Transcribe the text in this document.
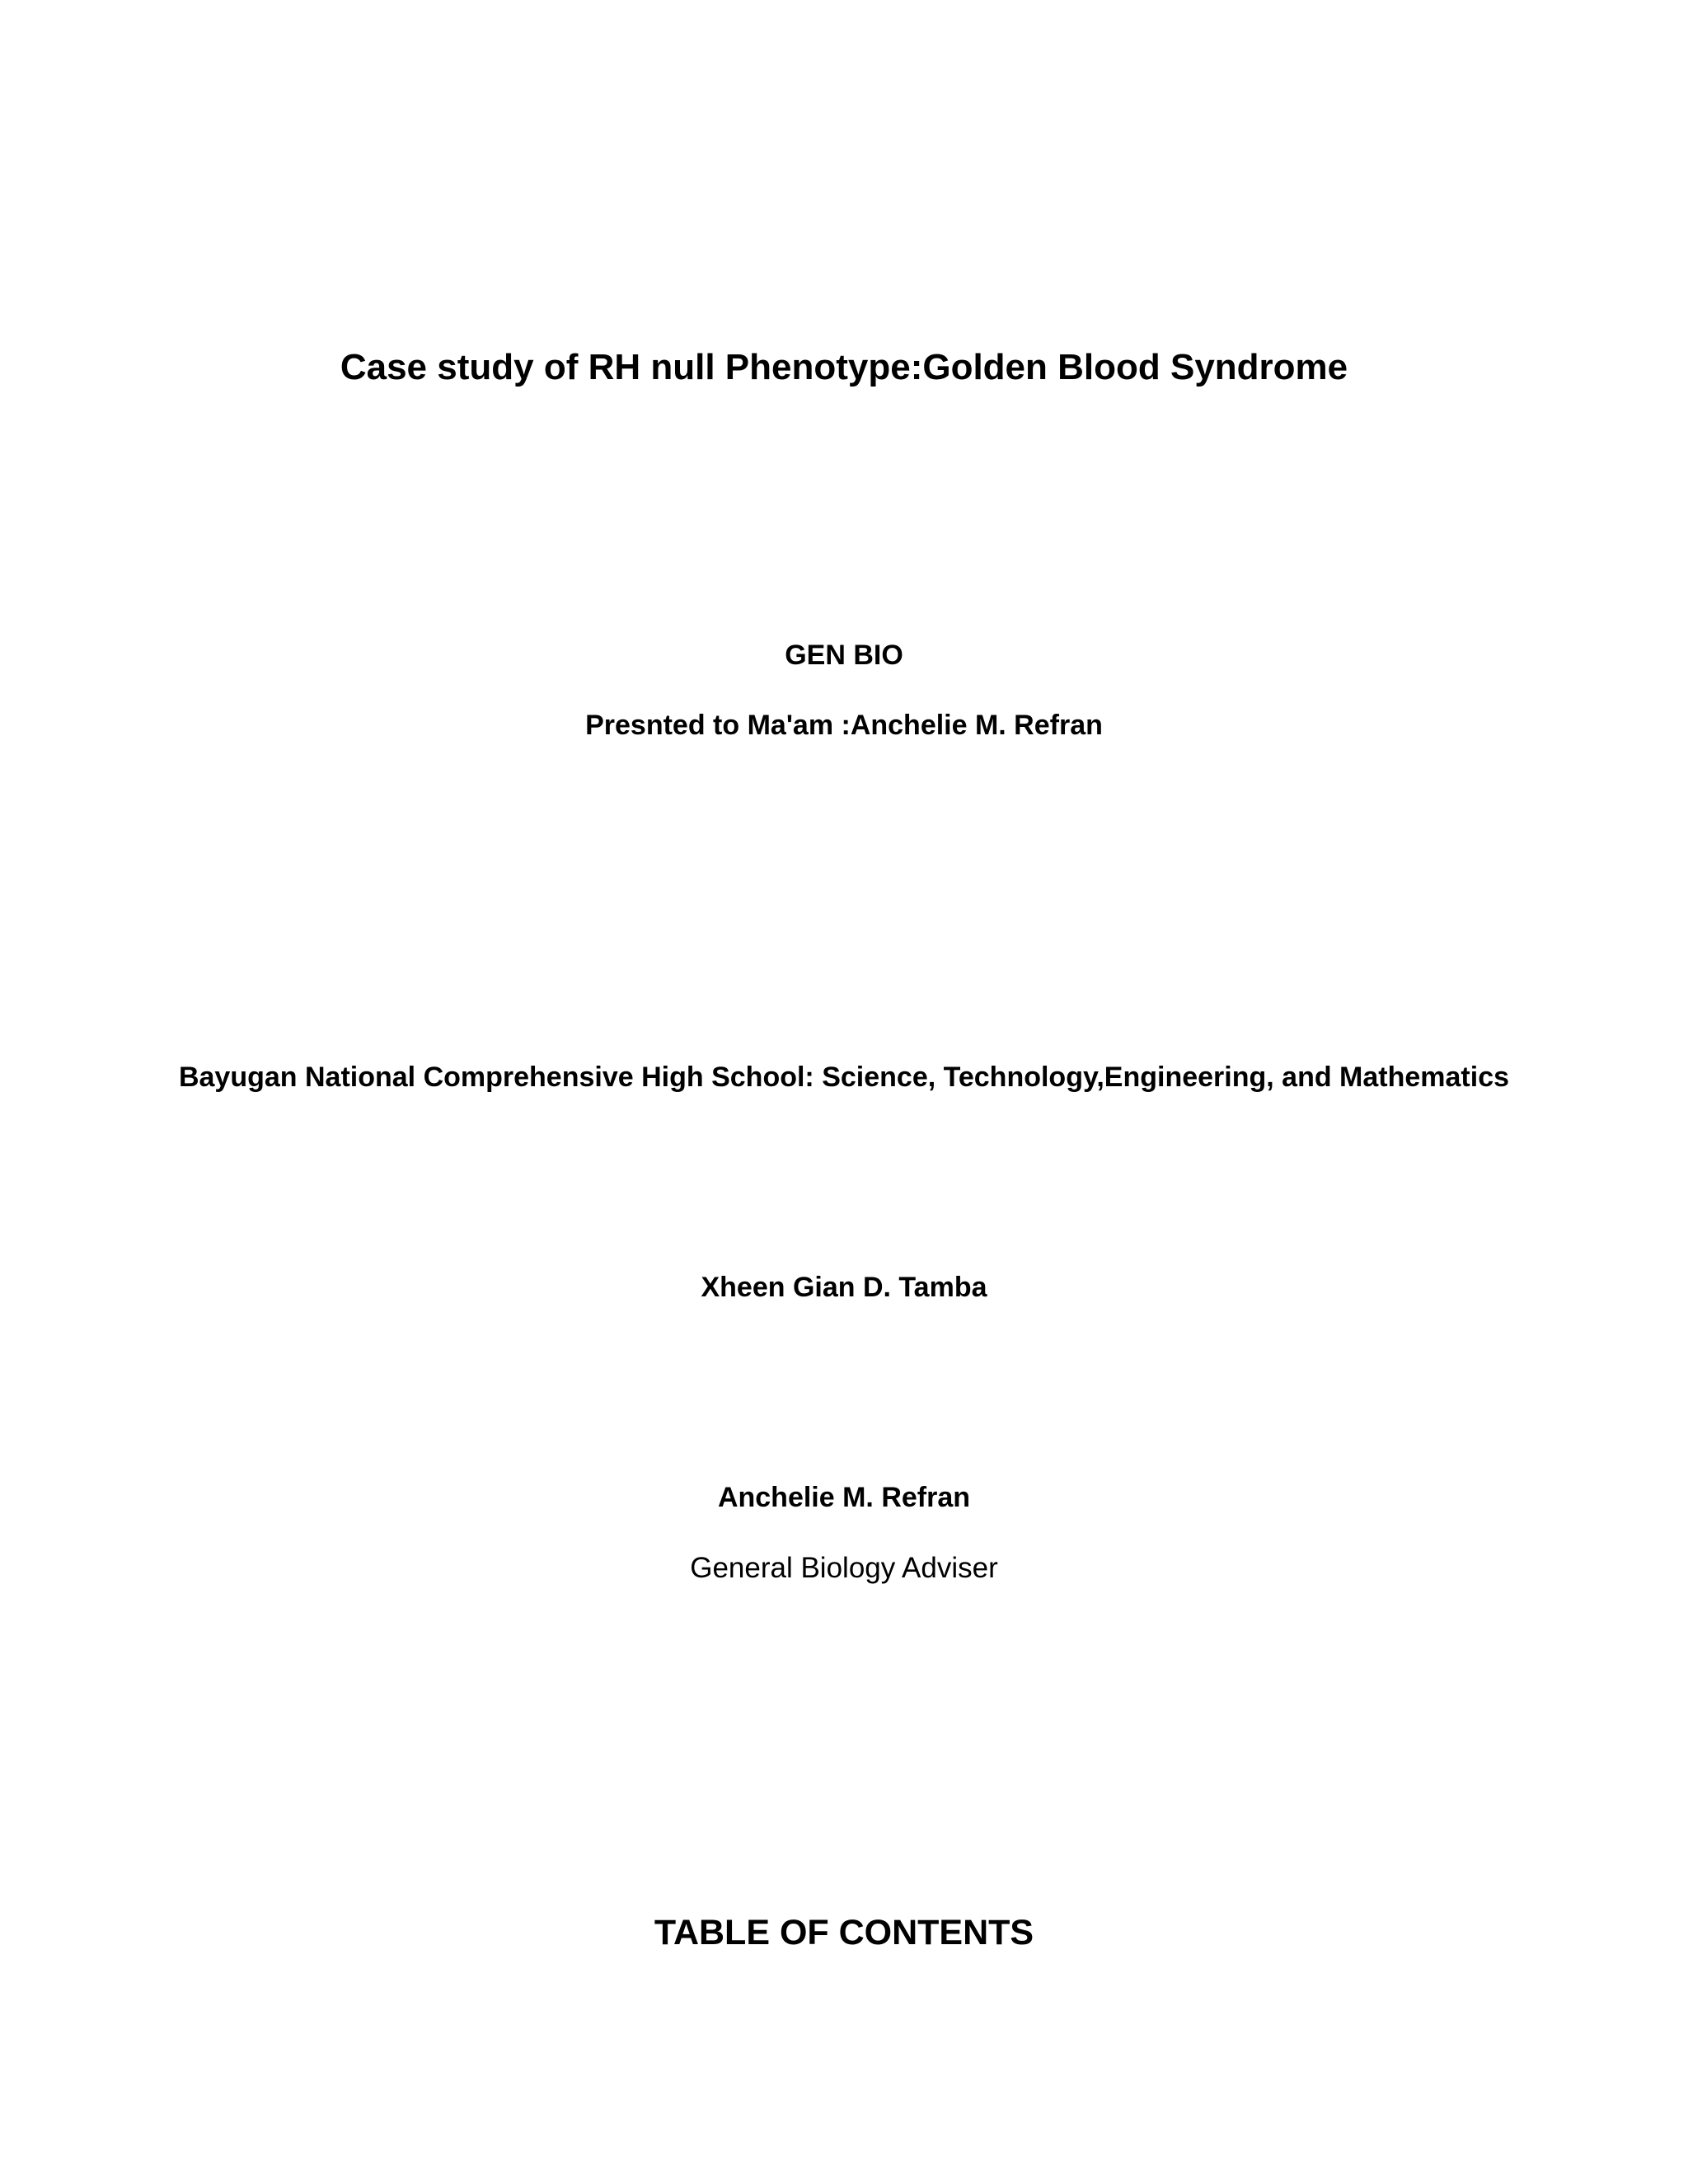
Case study of RH null Phenotype:Golden Blood Syndrome
GEN BIO
Presnted to Ma'am :Anchelie M. Refran
Bayugan National Comprehensive High School: Science, Technology,Engineering, and Mathematics
Xheen Gian D. Tamba
Anchelie M. Refran
General Biology Adviser
TABLE OF CONTENTS
